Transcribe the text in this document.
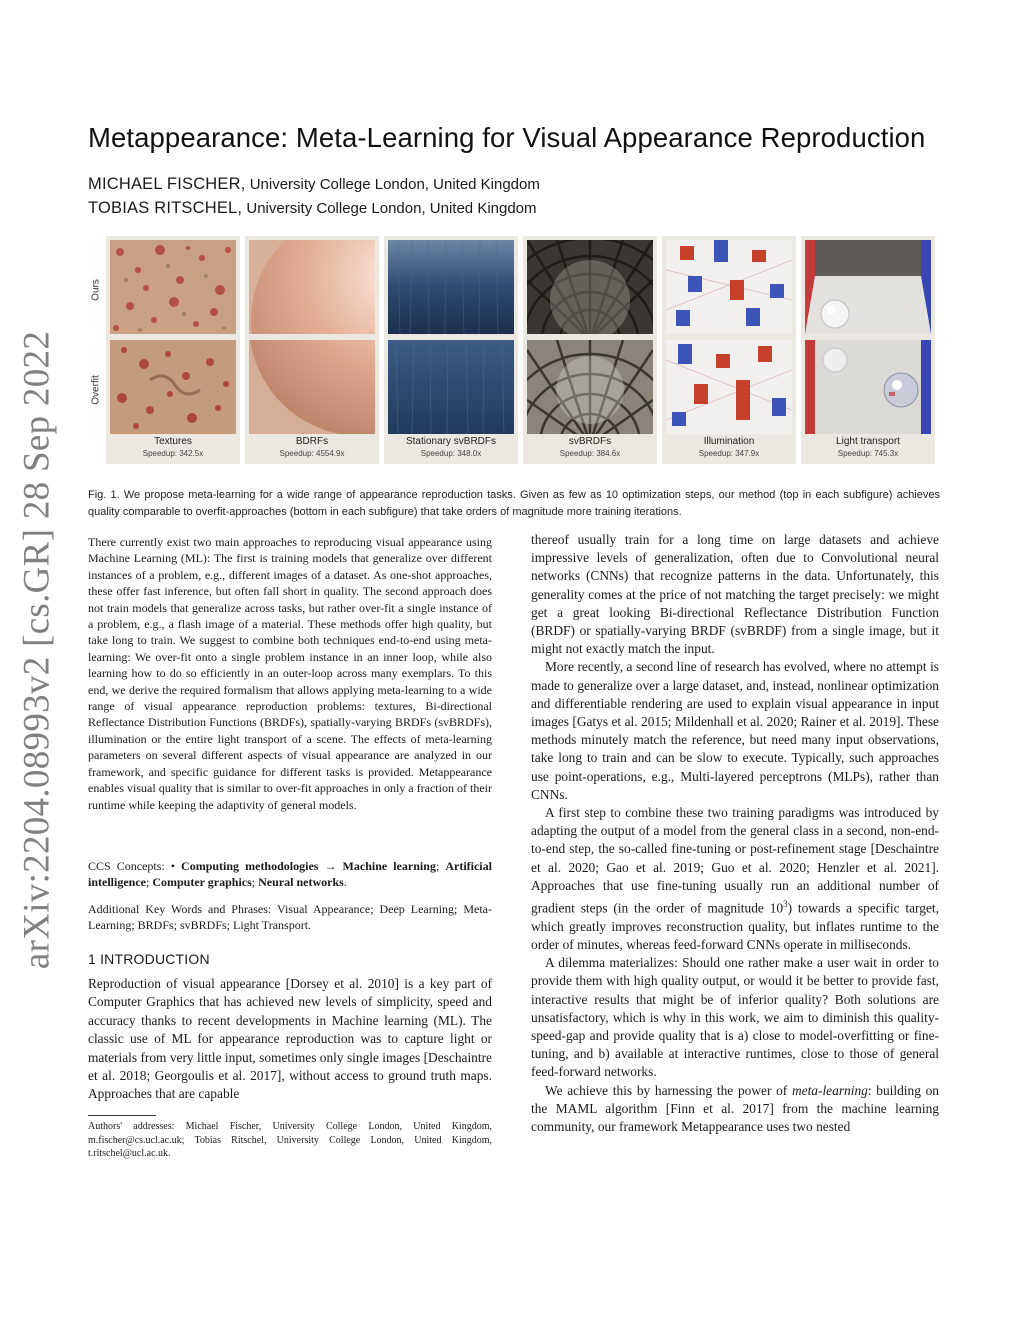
arXiv:2204.08993v2 [cs.GR] 28 Sep 2022
Metappearance: Meta-Learning for Visual Appearance Reproduction
MICHAEL FISCHER, University College London, United Kingdom
TOBIAS RITSCHEL, University College London, United Kingdom
Ours
Overfit
Textures
Speedup: 342.5x
BDRFs
Speedup: 4554.9x
Stationary svBRDFs
Speedup: 348.0x
svBRDFs
Speedup: 384.6x
Illumination
Speedup: 347.9x
Light transport
Speedup: 745.3x
Fig. 1. We propose meta-learning for a wide range of appearance reproduction tasks. Given as few as 10 optimization steps, our method (top in each subfigure) achieves quality comparable to overfit-approaches (bottom in each subfigure) that take orders of magnitude more training iterations.
There currently exist two main approaches to reproducing visual appearance using Machine Learning (ML): The first is training models that generalize over different instances of a problem, e.g., different images of a dataset. As one-shot approaches, these offer fast inference, but often fall short in quality. The second approach does not train models that generalize across tasks, but rather over-fit a single instance of a problem, e.g., a flash image of a material. These methods offer high quality, but take long to train. We suggest to combine both techniques end-to-end using meta-learning: We over-fit onto a single problem instance in an inner loop, while also learning how to do so efficiently in an outer-loop across many exemplars. To this end, we derive the required formalism that allows applying meta-learning to a wide range of visual appearance reproduction problems: textures, Bi-directional Reflectance Distribution Functions (BRDFs), spatially-varying BRDFs (svBRDFs), illumination or the entire light transport of a scene. The effects of meta-learning parameters on several different aspects of visual appearance are analyzed in our framework, and specific guidance for different tasks is provided. Metappearance enables visual quality that is similar to over-fit approaches in only a fraction of their runtime while keeping the adaptivity of general models.
CCS Concepts: • Computing methodologies → Machine learning; Artificial intelligence; Computer graphics; Neural networks.
Additional Key Words and Phrases: Visual Appearance; Deep Learning; Meta-Learning; BRDFs; svBRDFs; Light Transport.
1 INTRODUCTION
Reproduction of visual appearance [Dorsey et al. 2010] is a key part of Computer Graphics that has achieved new levels of simplicity, speed and accuracy thanks to recent developments in Machine learning (ML). The classic use of ML for appearance reproduction was to capture light or materials from very little input, sometimes only single images [Deschaintre et al. 2018; Georgoulis et al. 2017], without access to ground truth maps. Approaches that are capable
Authors' addresses: Michael Fischer, University College London, United Kingdom, m.fischer@cs.ucl.ac.uk; Tobias Ritschel, University College London, United Kingdom, t.ritschel@ucl.ac.uk.

thereof usually train for a long time on large datasets and achieve impressive levels of generalization, often due to Convolutional neural networks (CNNs) that recognize patterns in the data. Unfortunately, this generality comes at the price of not matching the target precisely: we might get a great looking Bi-directional Reflectance Distribution Function (BRDF) or spatially-varying BRDF (svBRDF) from a single image, but it might not exactly match the input.

More recently, a second line of research has evolved, where no attempt is made to generalize over a large dataset, and, instead, nonlinear optimization and differentiable rendering are used to explain visual appearance in input images [Gatys et al. 2015; Mildenhall et al. 2020; Rainer et al. 2019]. These methods minutely match the reference, but need many input observations, take long to train and can be slow to execute. Typically, such approaches use point-operations, e.g., Multi-layered perceptrons (MLPs), rather than CNNs.

A first step to combine these two training paradigms was introduced by adapting the output of a model from the general class in a second, non-end-to-end step, the so-called fine-tuning or post-refinement stage [Deschaintre et al. 2020; Gao et al. 2019; Guo et al. 2020; Henzler et al. 2021]. Approaches that use fine-tuning usually run an additional number of gradient steps (in the order of magnitude $10^3$) towards a specific target, which greatly improves reconstruction quality, but inflates runtime to the order of minutes, whereas feed-forward CNNs operate in milliseconds.

A dilemma materializes: Should one rather make a user wait in order to provide them with high quality output, or would it be better to provide fast, interactive results that might be of inferior quality? Both solutions are unsatisfactory, which is why in this work, we aim to diminish this quality-speed-gap and provide quality that is a) close to model-overfitting or fine-tuning, and b) available at interactive runtimes, close to those of general feed-forward networks.

We achieve this by harnessing the power of meta-learning: building on the MAML algorithm [Finn et al. 2017] from the machine learning community, our framework Metappearance uses two nested
